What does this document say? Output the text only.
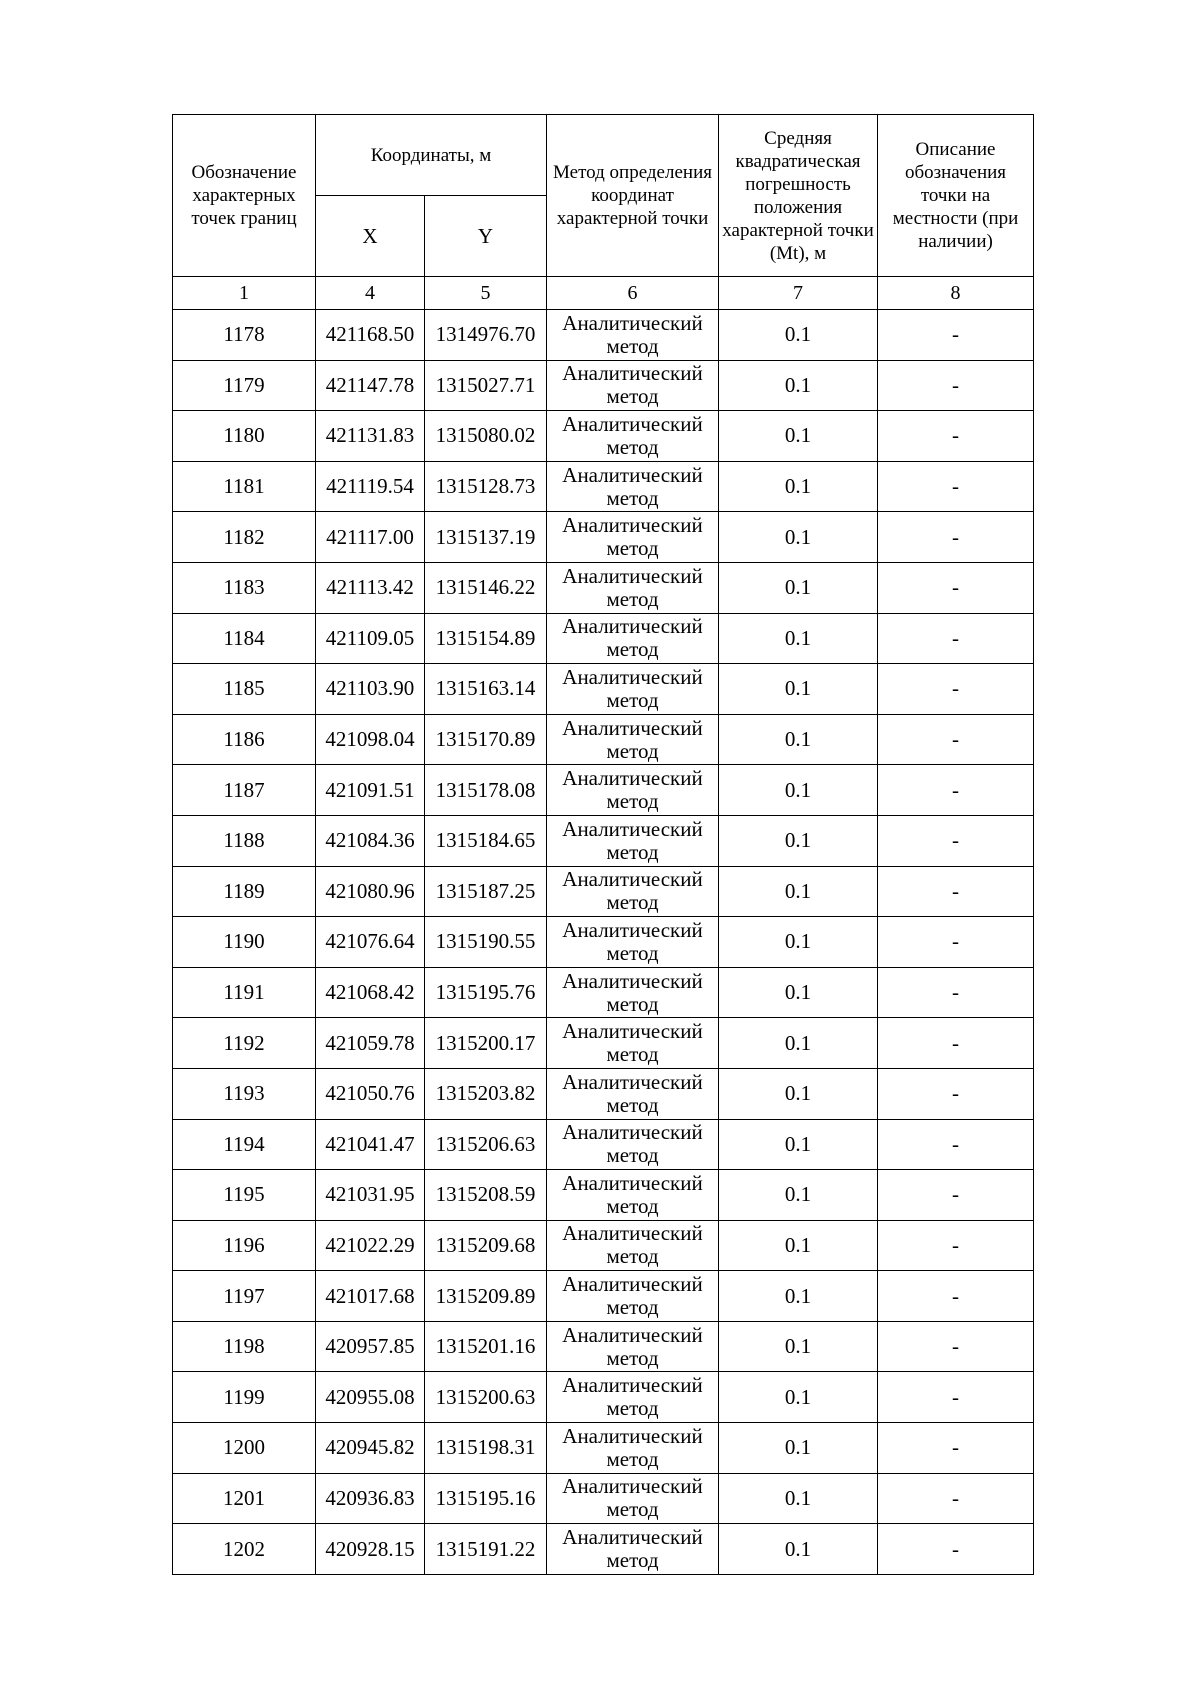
Обозначение характерных точек границ	Координаты, м		Метод определения координат характерной точки	Средняя квадратическая погрешность положения характерной точки (Mt), м	Описание обозначения точки на местности (при наличии)
	X	Y			
1	4	5	6	7	8
1178	421168.50	1314976.70	Аналитический метод	0.1	-
1179	421147.78	1315027.71	Аналитический метод	0.1	-
1180	421131.83	1315080.02	Аналитический метод	0.1	-
1181	421119.54	1315128.73	Аналитический метод	0.1	-
1182	421117.00	1315137.19	Аналитический метод	0.1	-
1183	421113.42	1315146.22	Аналитический метод	0.1	-
1184	421109.05	1315154.89	Аналитический метод	0.1	-
1185	421103.90	1315163.14	Аналитический метод	0.1	-
1186	421098.04	1315170.89	Аналитический метод	0.1	-
1187	421091.51	1315178.08	Аналитический метод	0.1	-
1188	421084.36	1315184.65	Аналитический метод	0.1	-
1189	421080.96	1315187.25	Аналитический метод	0.1	-
1190	421076.64	1315190.55	Аналитический метод	0.1	-
1191	421068.42	1315195.76	Аналитический метод	0.1	-
1192	421059.78	1315200.17	Аналитический метод	0.1	-
1193	421050.76	1315203.82	Аналитический метод	0.1	-
1194	421041.47	1315206.63	Аналитический метод	0.1	-
1195	421031.95	1315208.59	Аналитический метод	0.1	-
1196	421022.29	1315209.68	Аналитический метод	0.1	-
1197	421017.68	1315209.89	Аналитический метод	0.1	-
1198	420957.85	1315201.16	Аналитический метод	0.1	-
1199	420955.08	1315200.63	Аналитический метод	0.1	-
1200	420945.82	1315198.31	Аналитический метод	0.1	-
1201	420936.83	1315195.16	Аналитический метод	0.1	-
1202	420928.15	1315191.22	Аналитический метод	0.1	-
